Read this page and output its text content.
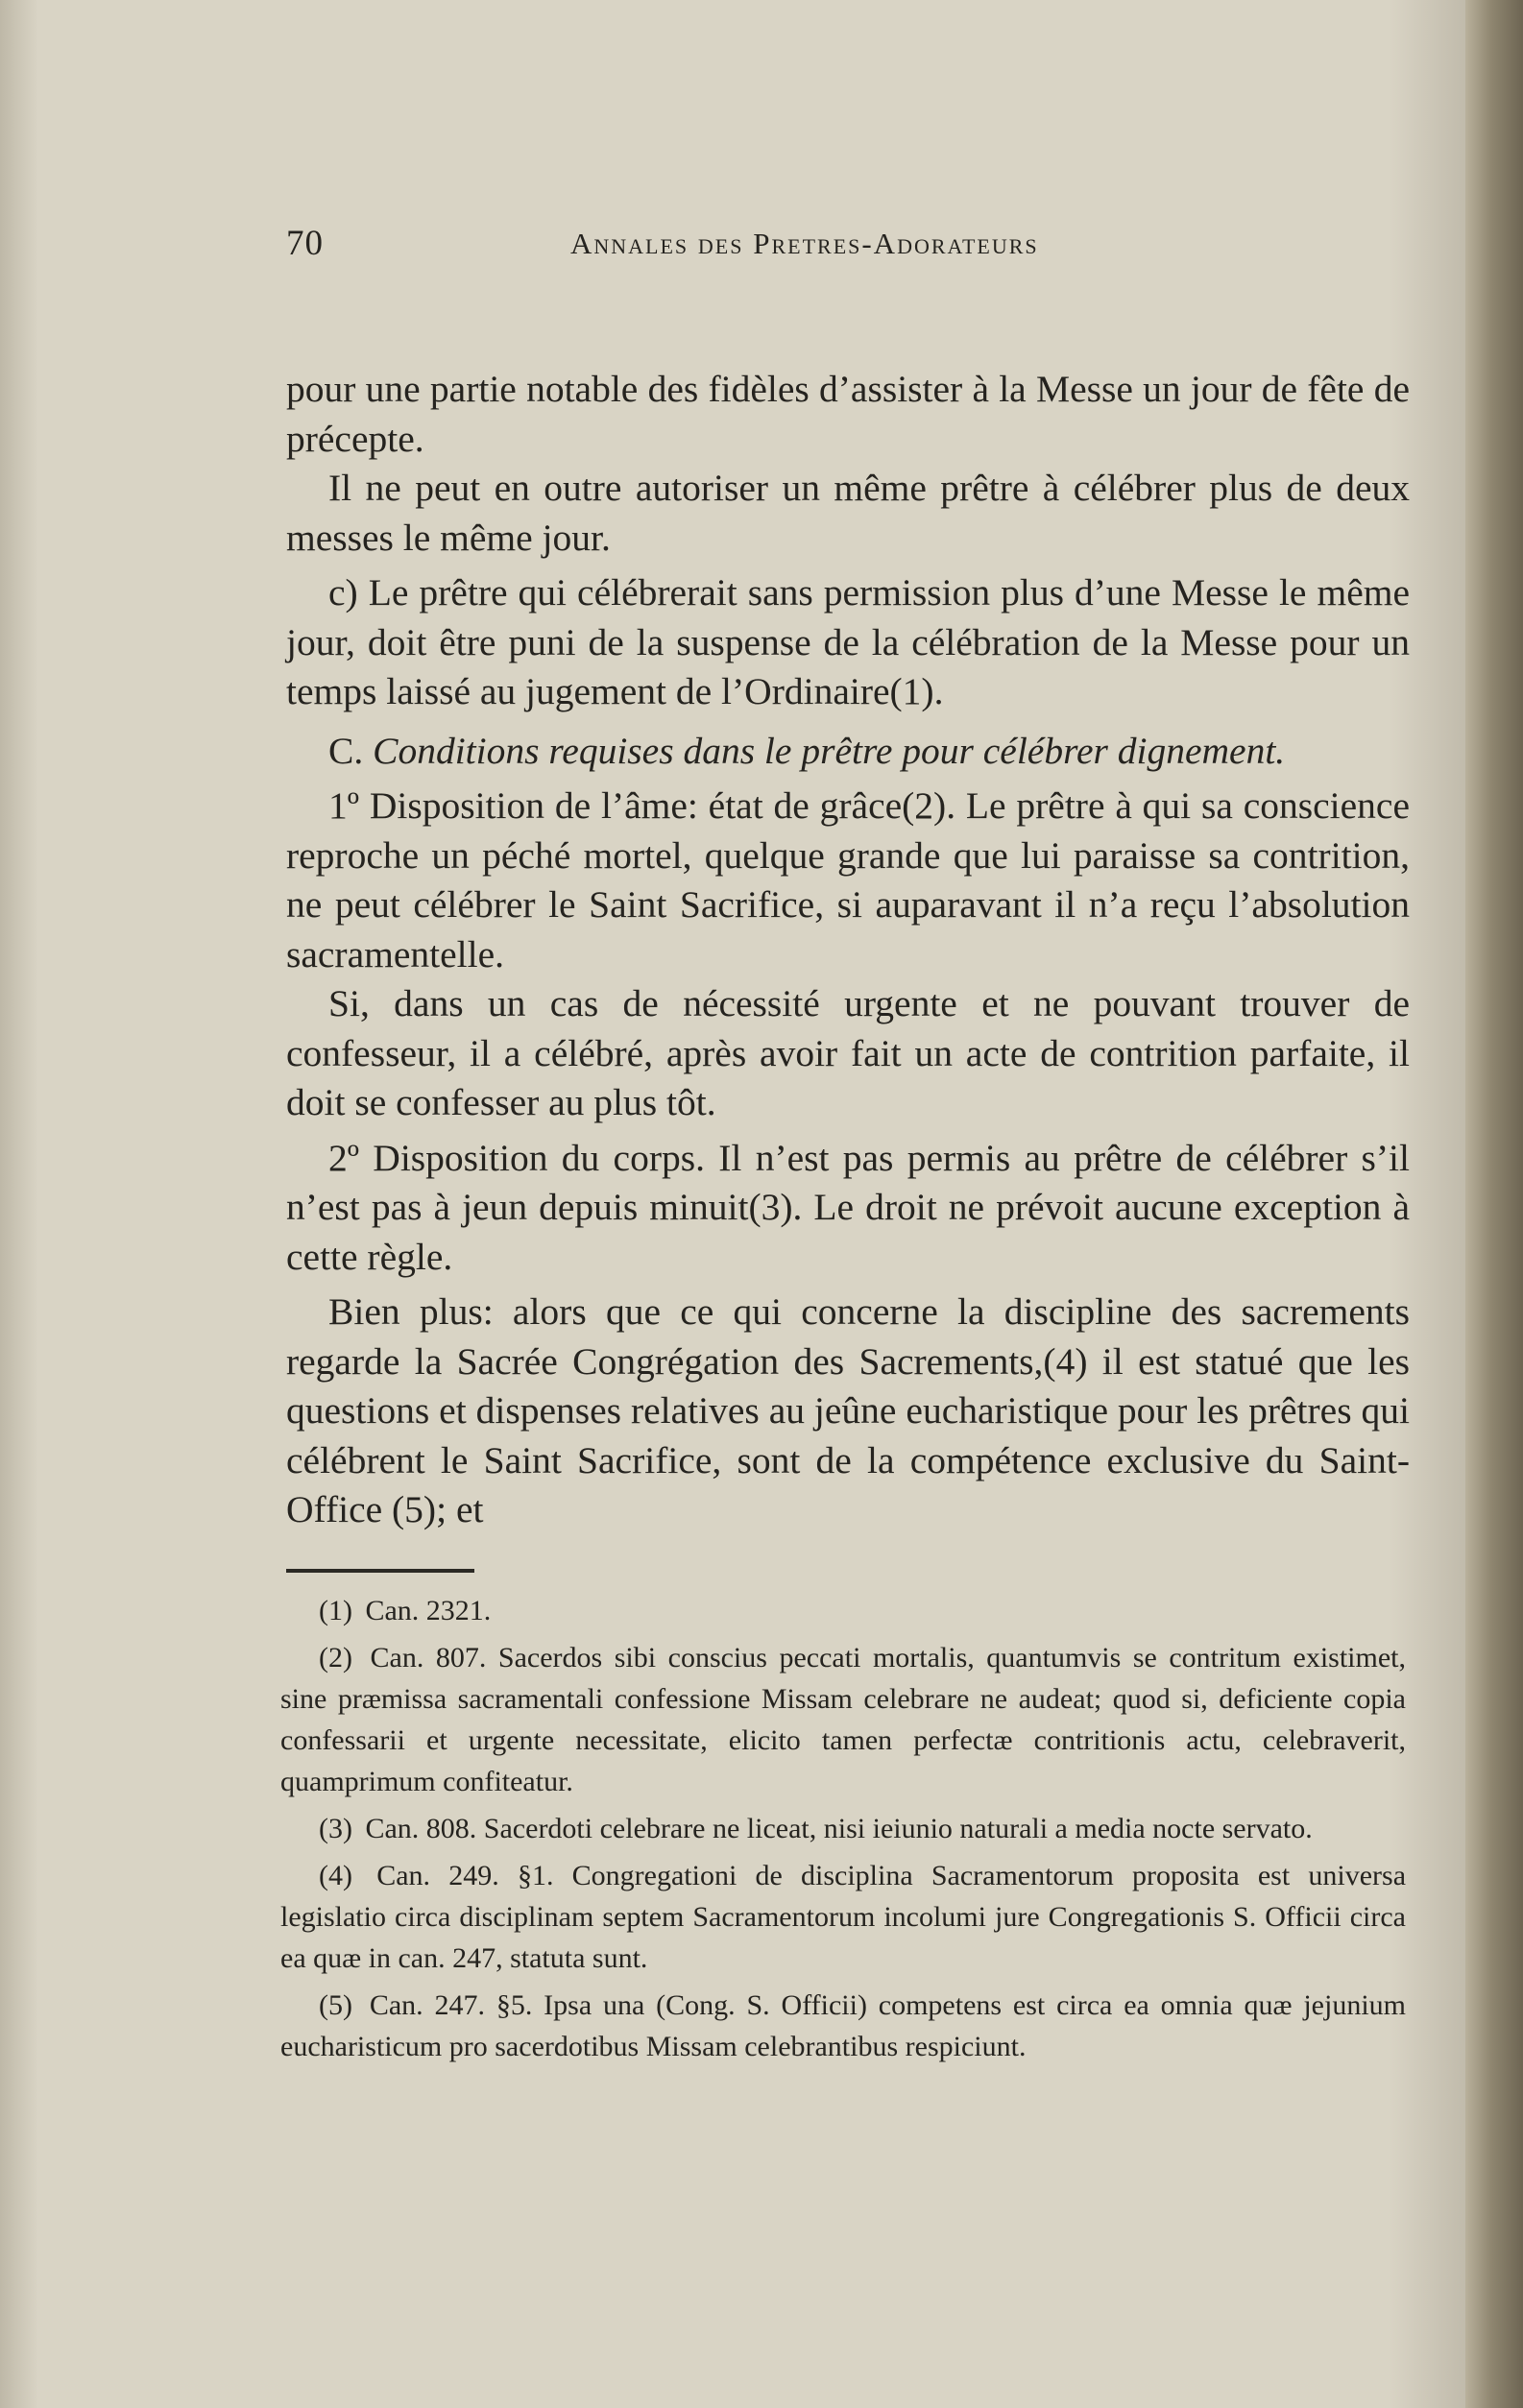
70	Annales des Pretres-Adorateurs

pour une partie notable des fidèles d’assister à la Messe un jour de fête de précepte.

Il ne peut en outre autoriser un même prêtre à célébrer plus de deux messes le même jour.

c) Le prêtre qui célébrerait sans permission plus d’une Messe le même jour, doit être puni de la suspense de la célébration de la Messe pour un temps laissé au jugement de l’Ordinaire(1).

C. Conditions requises dans le prêtre pour célébrer dignement.

1º Disposition de l’âme: état de grâce(2). Le prêtre à qui sa conscience reproche un péché mortel, quelque grande que lui paraisse sa contrition, ne peut célébrer le Saint Sacrifice, si auparavant il n’a reçu l’absolution sacramentelle.

Si, dans un cas de nécessité urgente et ne pouvant trouver de confesseur, il a célébré, après avoir fait un acte de contrition parfaite, il doit se confesser au plus tôt.

2º Disposition du corps. Il n’est pas permis au prêtre de célébrer s’il n’est pas à jeun depuis minuit(3). Le droit ne prévoit aucune exception à cette règle.

Bien plus: alors que ce qui concerne la discipline des sacrements regarde la Sacrée Congrégation des Sacrements,(4) il est statué que les questions et dispenses relatives au jeûne eucharistique pour les prêtres qui célébrent le Saint Sacrifice, sont de la compétence exclusive du Saint-Office (5); et

(1) Can. 2321.

(2) Can. 807. Sacerdos sibi conscius peccati mortalis, quantumvis se contritum existimet, sine præmissa sacramentali confessione Missam celebrare ne audeat; quod si, deficiente copia confessarii et urgente necessitate, elicito tamen perfectæ contritionis actu, celebraverit, quamprimum confiteatur.

(3) Can. 808. Sacerdoti celebrare ne liceat, nisi ieiunio naturali a media nocte servato.

(4) Can. 249. §1. Congregationi de disciplina Sacramentorum proposita est universa legislatio circa disciplinam septem Sacramentorum incolumi jure Congregationis S. Officii circa ea quæ in can. 247, statuta sunt.

(5) Can. 247. §5. Ipsa una (Cong. S. Officii) competens est circa ea omnia quæ jejunium eucharisticum pro sacerdotibus Missam celebrantibus respiciunt.
